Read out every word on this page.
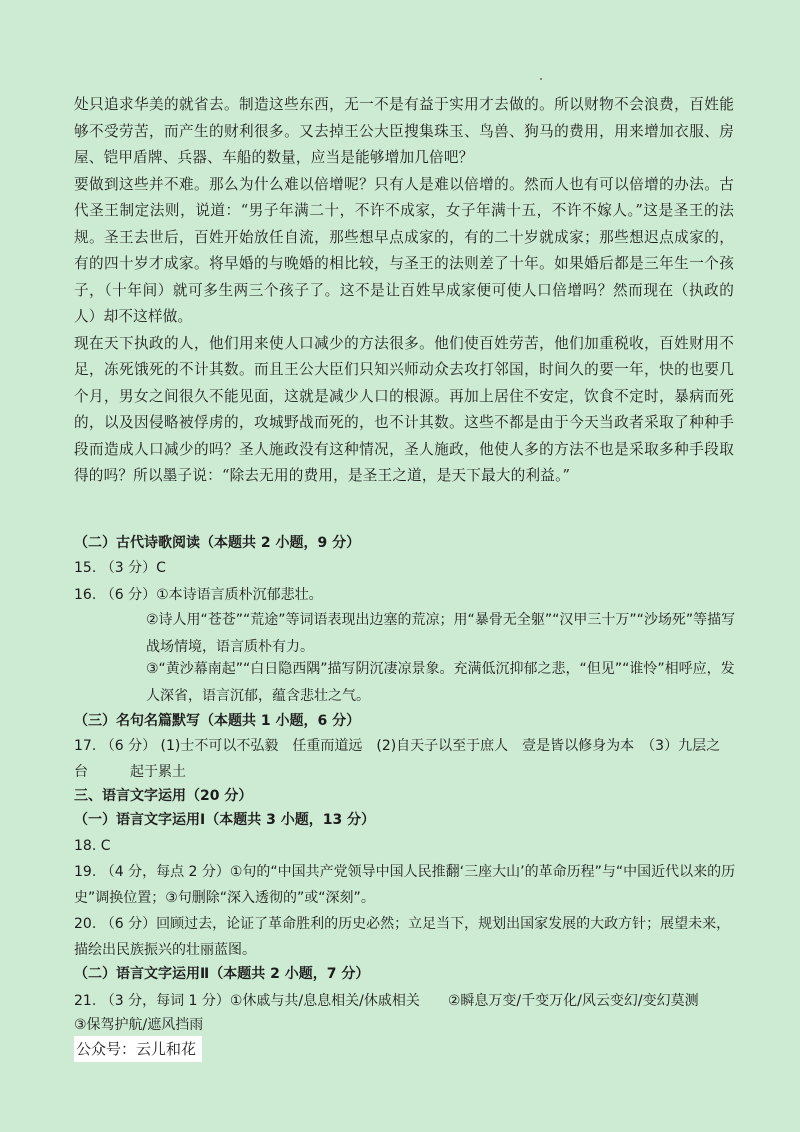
处只追求华美的就省去。制造这些东西，无一不是有益于实用才去做的。所以财物不会浪费，百姓能够不受劳苦，而产生的财利很多。又去掉王公大臣搜集珠玉、鸟兽、狗马的费用，用来增加衣服、房屋、铠甲盾牌、兵器、车船的数量，应当是能够增加几倍吧？

要做到这些并不难。那么为什么难以倍增呢？只有人是难以倍增的。然而人也有可以倍增的办法。古代圣王制定法则，说道：“男子年满二十，不许不成家，女子年满十五，不许不嫁人。”这是圣王的法规。圣王去世后，百姓开始放任自流，那些想早点成家的，有的二十岁就成家；那些想迟点成家的，有的四十岁才成家。将早婚的与晚婚的相比较，与圣王的法则差了十年。如果婚后都是三年生一个孩子，（十年间）就可多生两三个孩子了。这不是让百姓早成家便可使人口倍增吗？然而现在（执政的人）却不这样做。

现在天下执政的人，他们用来使人口减少的方法很多。他们使百姓劳苦，他们加重税收，百姓财用不足，冻死饿死的不计其数。而且王公大臣们只知兴师动众去攻打邻国，时间久的要一年，快的也要几个月，男女之间很久不能见面，这就是减少人口的根源。再加上居住不安定，饮食不定时，暴病而死的，以及因侵略被俘虏的，攻城野战而死的，也不计其数。这些不都是由于今天当政者采取了种种手段而造成人口减少的吗？圣人施政没有这种情况，圣人施政，他使人多的方法不也是采取多种手段取得的吗？所以墨子说：“除去无用的费用，是圣王之道，是天下最大的利益。”

（二）古代诗歌阅读（本题共 2 小题，9 分）
15. （3 分）C
16. （6 分）①本诗语言质朴沉郁悲壮。
②诗人用“苍苍”“荒途”等词语表现出边塞的荒凉；用“暴骨无全躯”“汉甲三十万”“沙场死”等描写战场情境，语言质朴有力。
③“黄沙幕南起”“白日隐西隅”描写阴沉凄凉景象。充满低沉抑郁之悲，“但见”“谁怜”相呼应，发人深省，语言沉郁，蕴含悲壮之气。
（三）名句名篇默写（本题共 1 小题，6 分）
17. （6 分） (1)士不可以不弘毅　任重而道远　(2)自天子以至于庶人　壹是皆以修身为本　（3）九层之
台　　　起于累土
三、语言文字运用（20 分）
（一）语言文字运用Ⅰ（本题共 3 小题，13 分）
18. C
19. （4 分，每点 2 分）①句的“中国共产党领导中国人民推翻‘三座大山’的革命历程”与“中国近代以来的历史”调换位置；③句删除“深入透彻的”或“深刻”。
20. （6 分）回顾过去，论证了革命胜利的历史必然；立足当下，规划出国家发展的大政方针；展望未来，描绘出民族振兴的壮丽蓝图。
（二）语言文字运用Ⅱ（本题共 2 小题，7 分）
21. （3 分，每词 1 分）①休戚与共/息息相关/休戚相关　　②瞬息万变/千变万化/风云变幻/变幻莫测
③保驾护航/遮风挡雨
公众号：云儿和花
